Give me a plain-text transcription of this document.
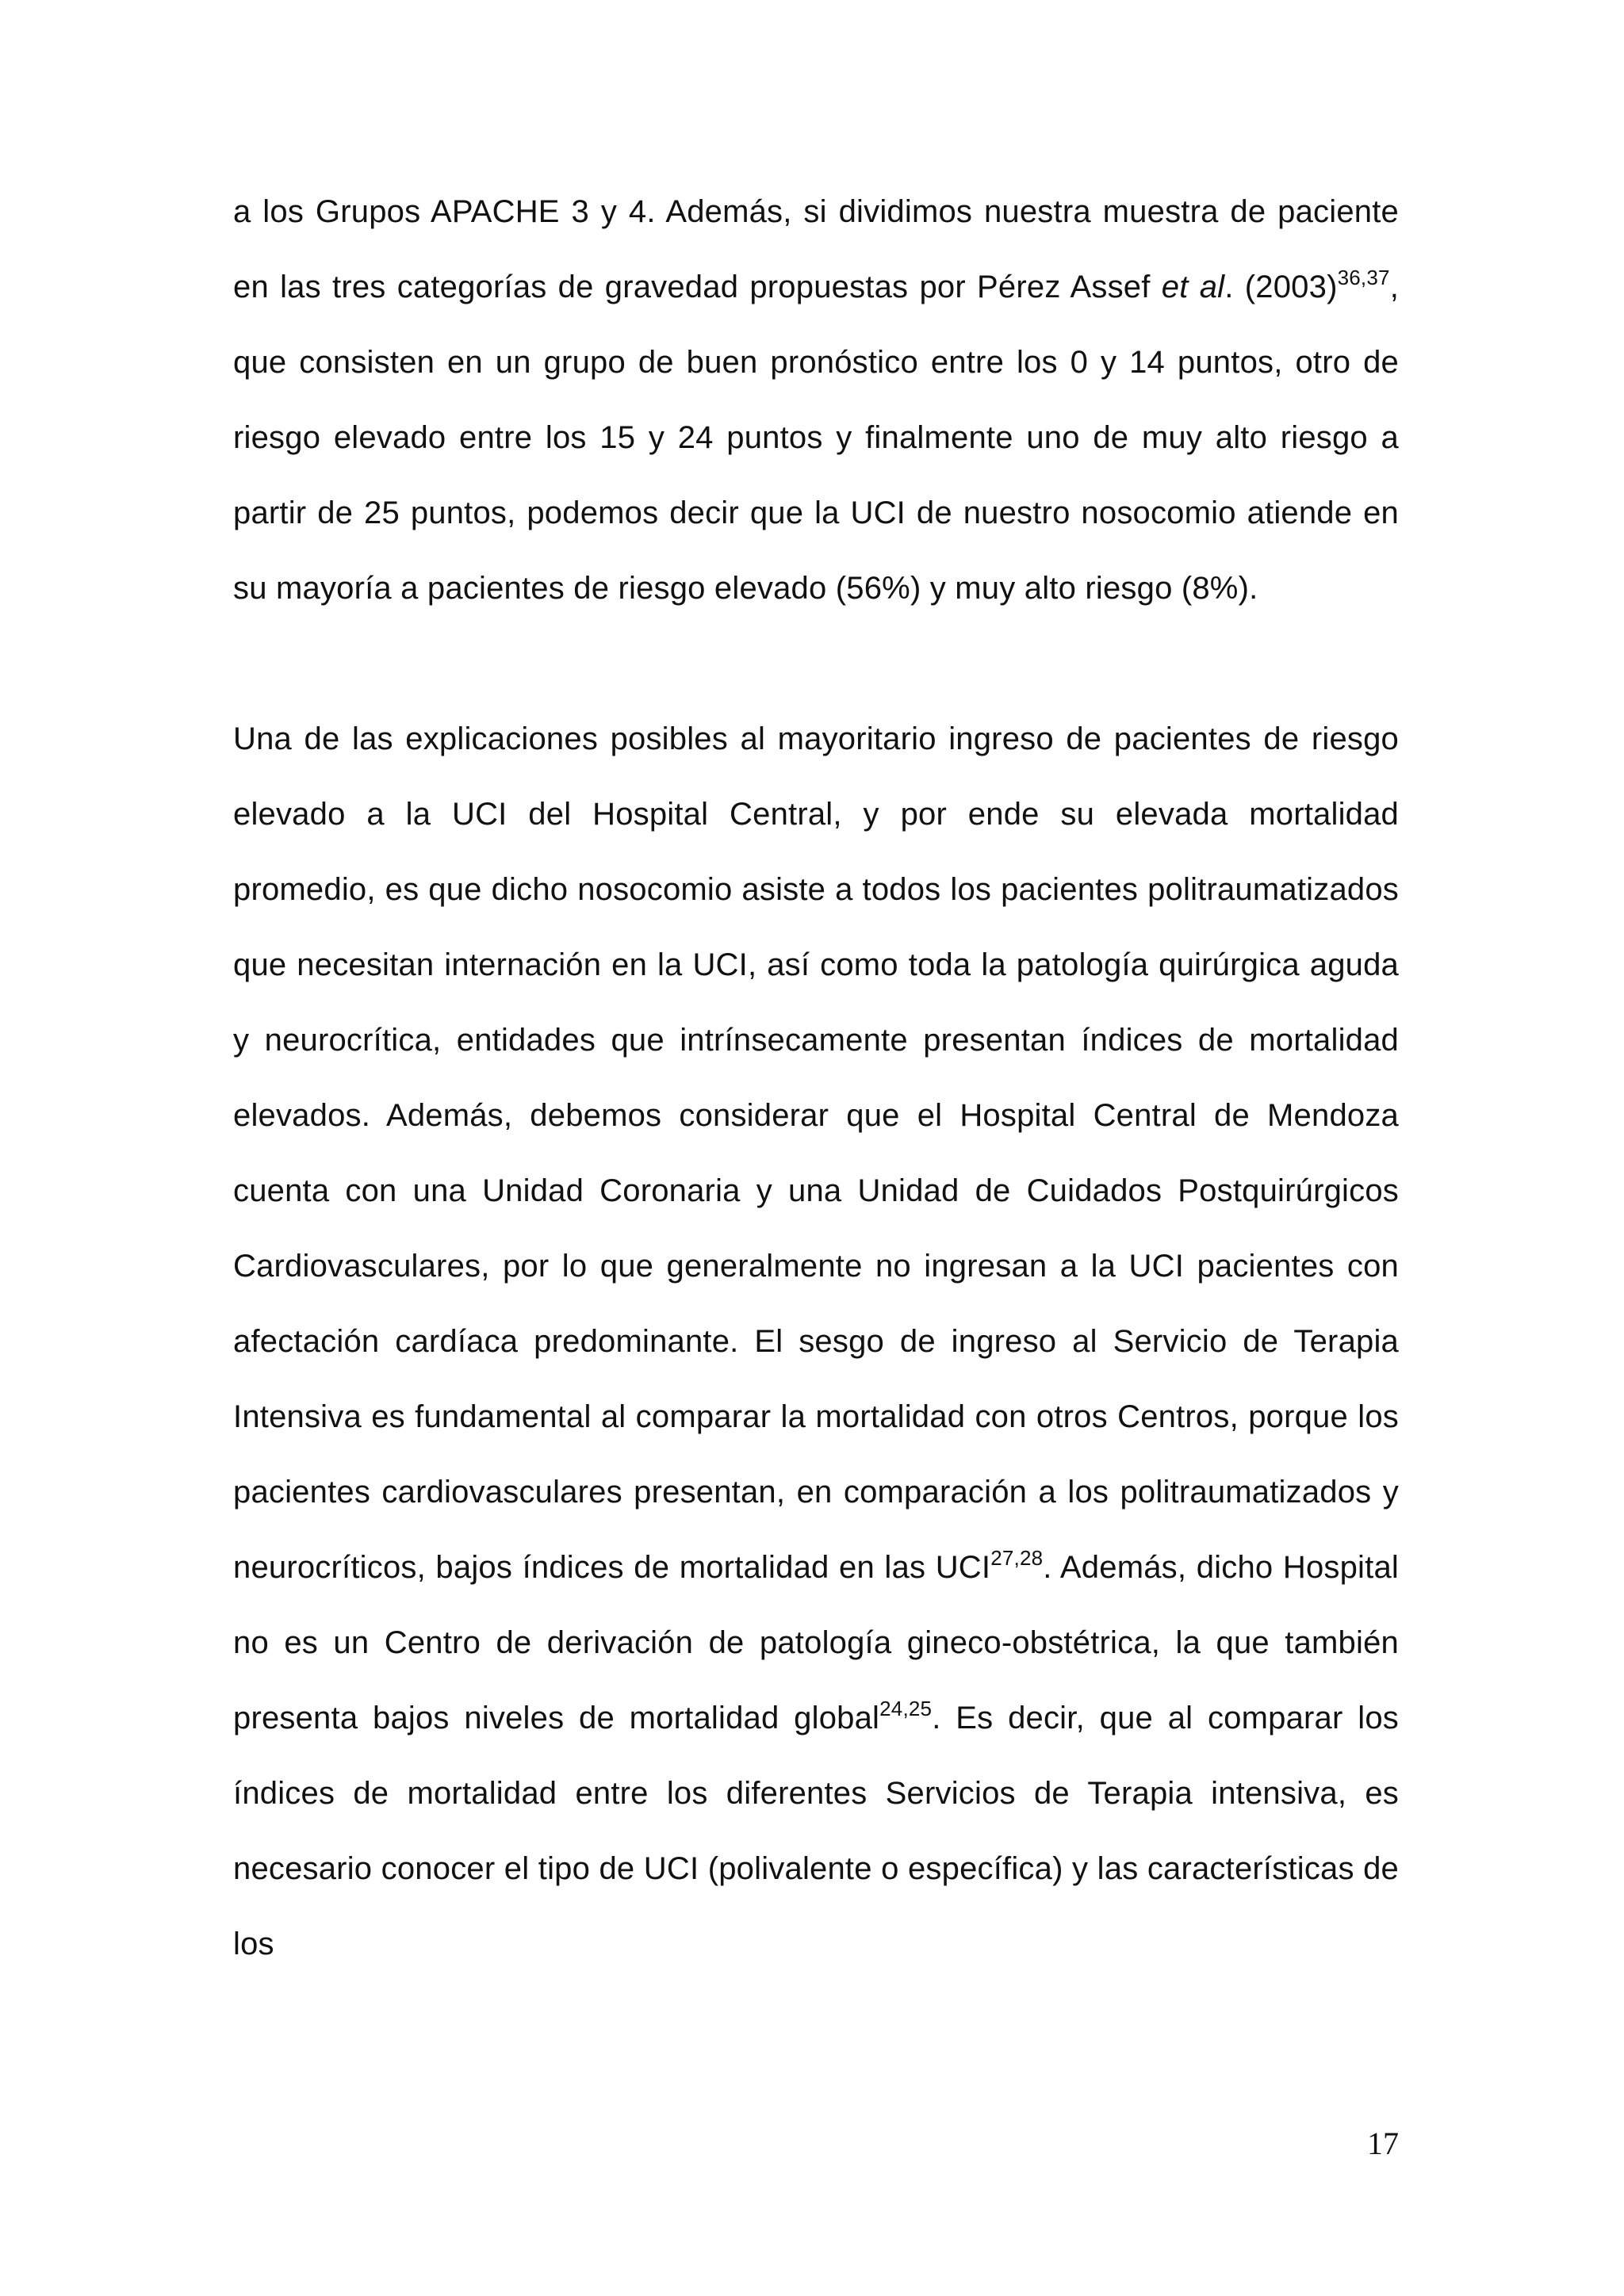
a los Grupos APACHE 3 y 4. Además, si dividimos nuestra muestra de paciente en las tres categorías de gravedad propuestas por Pérez Assef et al. $(2003)^{36,37}$, que consisten en un grupo de buen pronóstico entre los 0 y 14 puntos, otro de riesgo elevado entre los 15 y 24 puntos y finalmente uno de muy alto riesgo a partir de 25 puntos, podemos decir que la UCI de nuestro nosocomio atiende en su mayoría a pacientes de riesgo elevado (56%) y muy alto riesgo (8%).

Una de las explicaciones posibles al mayoritario ingreso de pacientes de riesgo elevado a la UCI del Hospital Central, y por ende su elevada mortalidad promedio, es que dicho nosocomio asiste a todos los pacientes politraumatizados que necesitan internación en la UCI, así como toda la patología quirúrgica aguda y neurocrítica, entidades que intrínsecamente presentan índices de mortalidad elevados. Además, debemos considerar que el Hospital Central de Mendoza cuenta con una Unidad Coronaria y una Unidad de Cuidados Postquirúrgicos Cardiovasculares, por lo que generalmente no ingresan a la UCI pacientes con afectación cardíaca predominante. El sesgo de ingreso al Servicio de Terapia Intensiva es fundamental al comparar la mortalidad con otros Centros, porque los pacientes cardiovasculares presentan, en comparación a los politraumatizados y neurocríticos, bajos índices de mortalidad en las UCI$^{27,28}$. Además, dicho Hospital no es un Centro de derivación de patología gineco-obstétrica, la que también presenta bajos niveles de mortalidad global$^{24,25}$. Es decir, que al comparar los índices de mortalidad entre los diferentes Servicios de Terapia intensiva, es necesario conocer el tipo de UCI (polivalente o específica) y las características de los

17
